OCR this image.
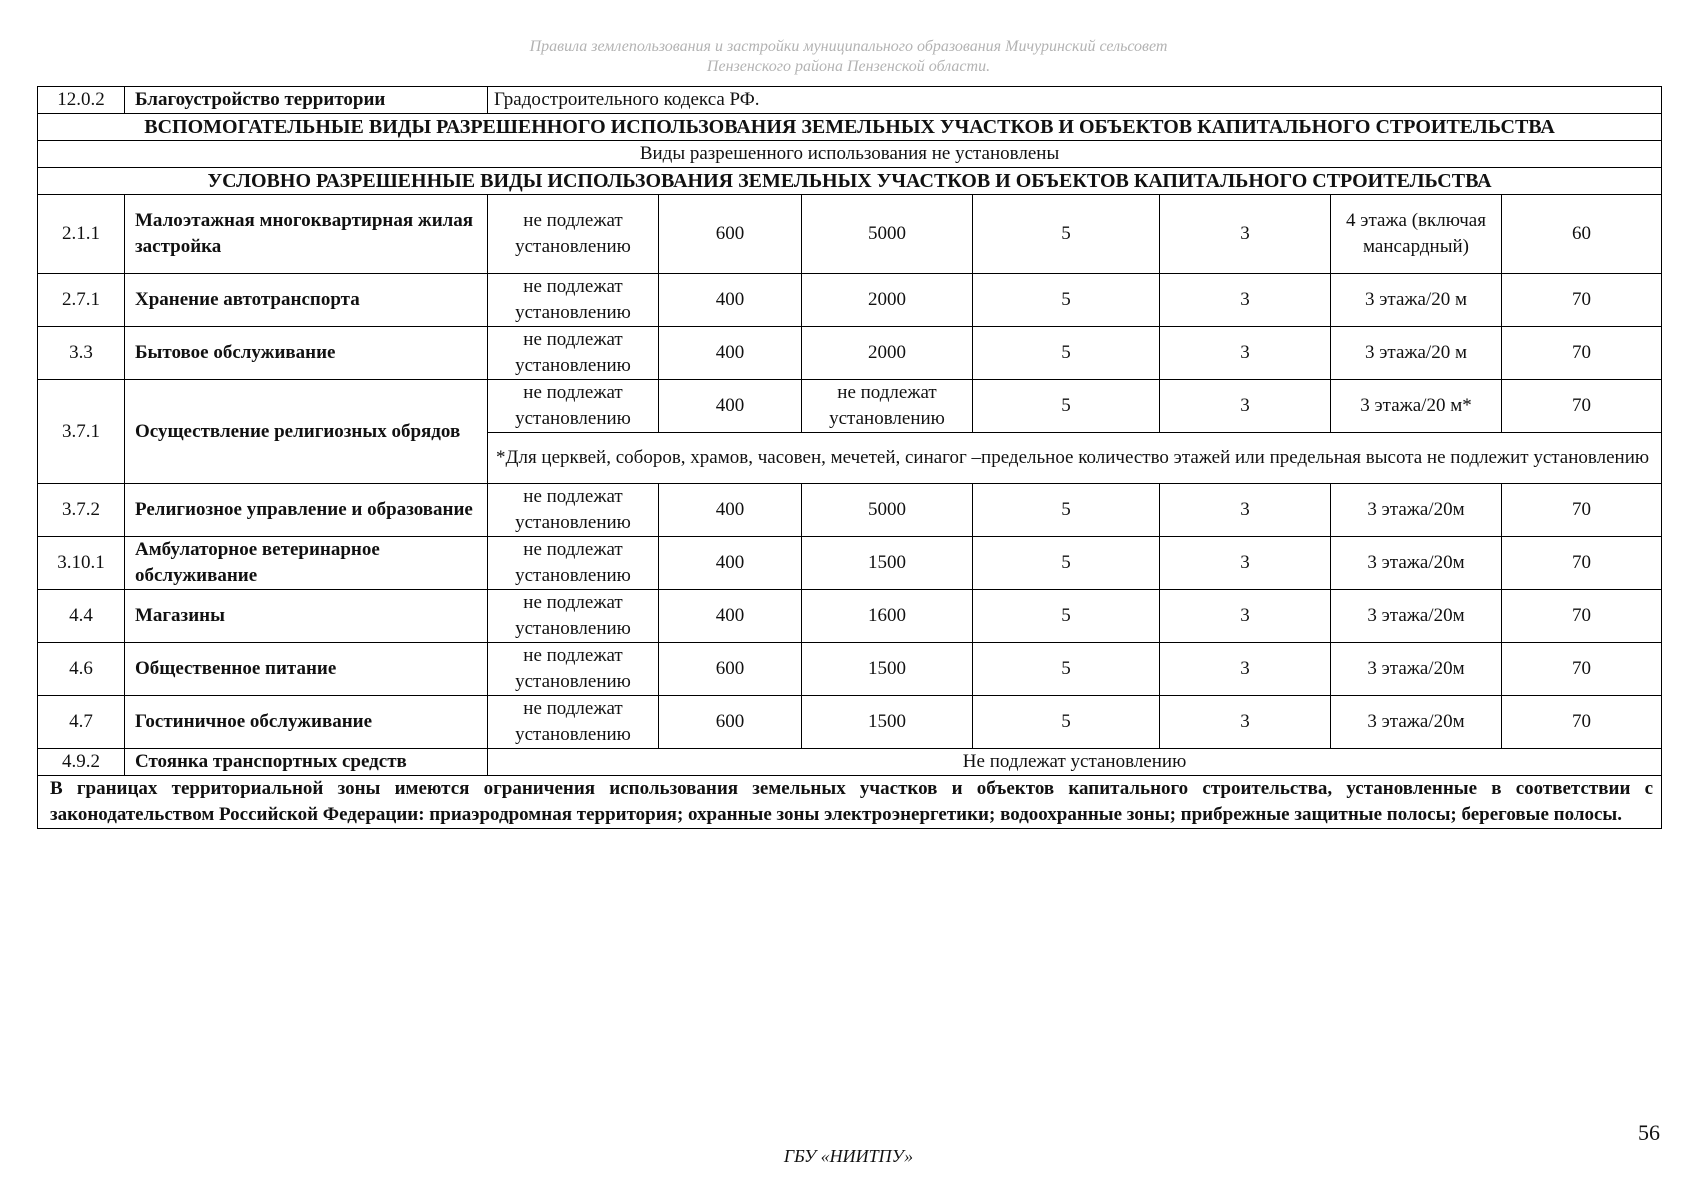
Правила землепользования и застройки муниципального образования Мичуринский сельсовет
Пензенского района Пензенской области.
12.0.2	Благоустройство территории	Градостроительного кодекса РФ.						
ВСПОМОГАТЕЛЬНЫЕ ВИДЫ РАЗРЕШЕННОГО ИСПОЛЬЗОВАНИЯ ЗЕМЕЛЬНЫХ УЧАСТКОВ И ОБЪЕКТОВ КАПИТАЛЬНОГО СТРОИТЕЛЬСТВА								
Виды разрешенного использования не установлены								
УСЛОВНО РАЗРЕШЕННЫЕ ВИДЫ ИСПОЛЬЗОВАНИЯ ЗЕМЕЛЬНЫХ УЧАСТКОВ И ОБЪЕКТОВ КАПИТАЛЬНОГО СТРОИТЕЛЬСТВА								
2.1.1	Малоэтажная многоквартирная жилая застройка	не подлежат установлению	600	5000	5	3	4 этажа (включая мансардный)	60
2.7.1	Хранение автотранспорта	не подлежат установлению	400	2000	5	3	3 этажа/20 м	70
3.3	Бытовое обслуживание	не подлежат установлению	400	2000	5	3	3 этажа/20 м	70
3.7.1	Осуществление религиозных обрядов	не подлежат установлению	400	не подлежат установлению	5	3	3 этажа/20 м*	70
		*Для церквей, соборов, храмов, часовен, мечетей, синагог –предельное количество этажей или предельная высота не подлежит установлению						
3.7.2	Религиозное управление и образование	не подлежат установлению	400	5000	5	3	3 этажа/20м	70
3.10.1	Амбулаторное ветеринарное обслуживание	не подлежат установлению	400	1500	5	3	3 этажа/20м	70
4.4	Магазины	не подлежат установлению	400	1600	5	3	3 этажа/20м	70
4.6	Общественное питание	не подлежат установлению	600	1500	5	3	3 этажа/20м	70
4.7	Гостиничное обслуживание	не подлежат установлению	600	1500	5	3	3 этажа/20м	70
4.9.2	Стоянка транспортных средств	Не подлежат установлению						
В границах территориальной зоны имеются ограничения использования земельных участков и объектов капитального строительства, установленные в соответствии с законодательством Российской Федерации: приаэродромная территория; охранные зоны электроэнергетики; водоохранные зоны; прибрежные защитные полосы; береговые полосы.								
56
ГБУ «НИИТПУ»
